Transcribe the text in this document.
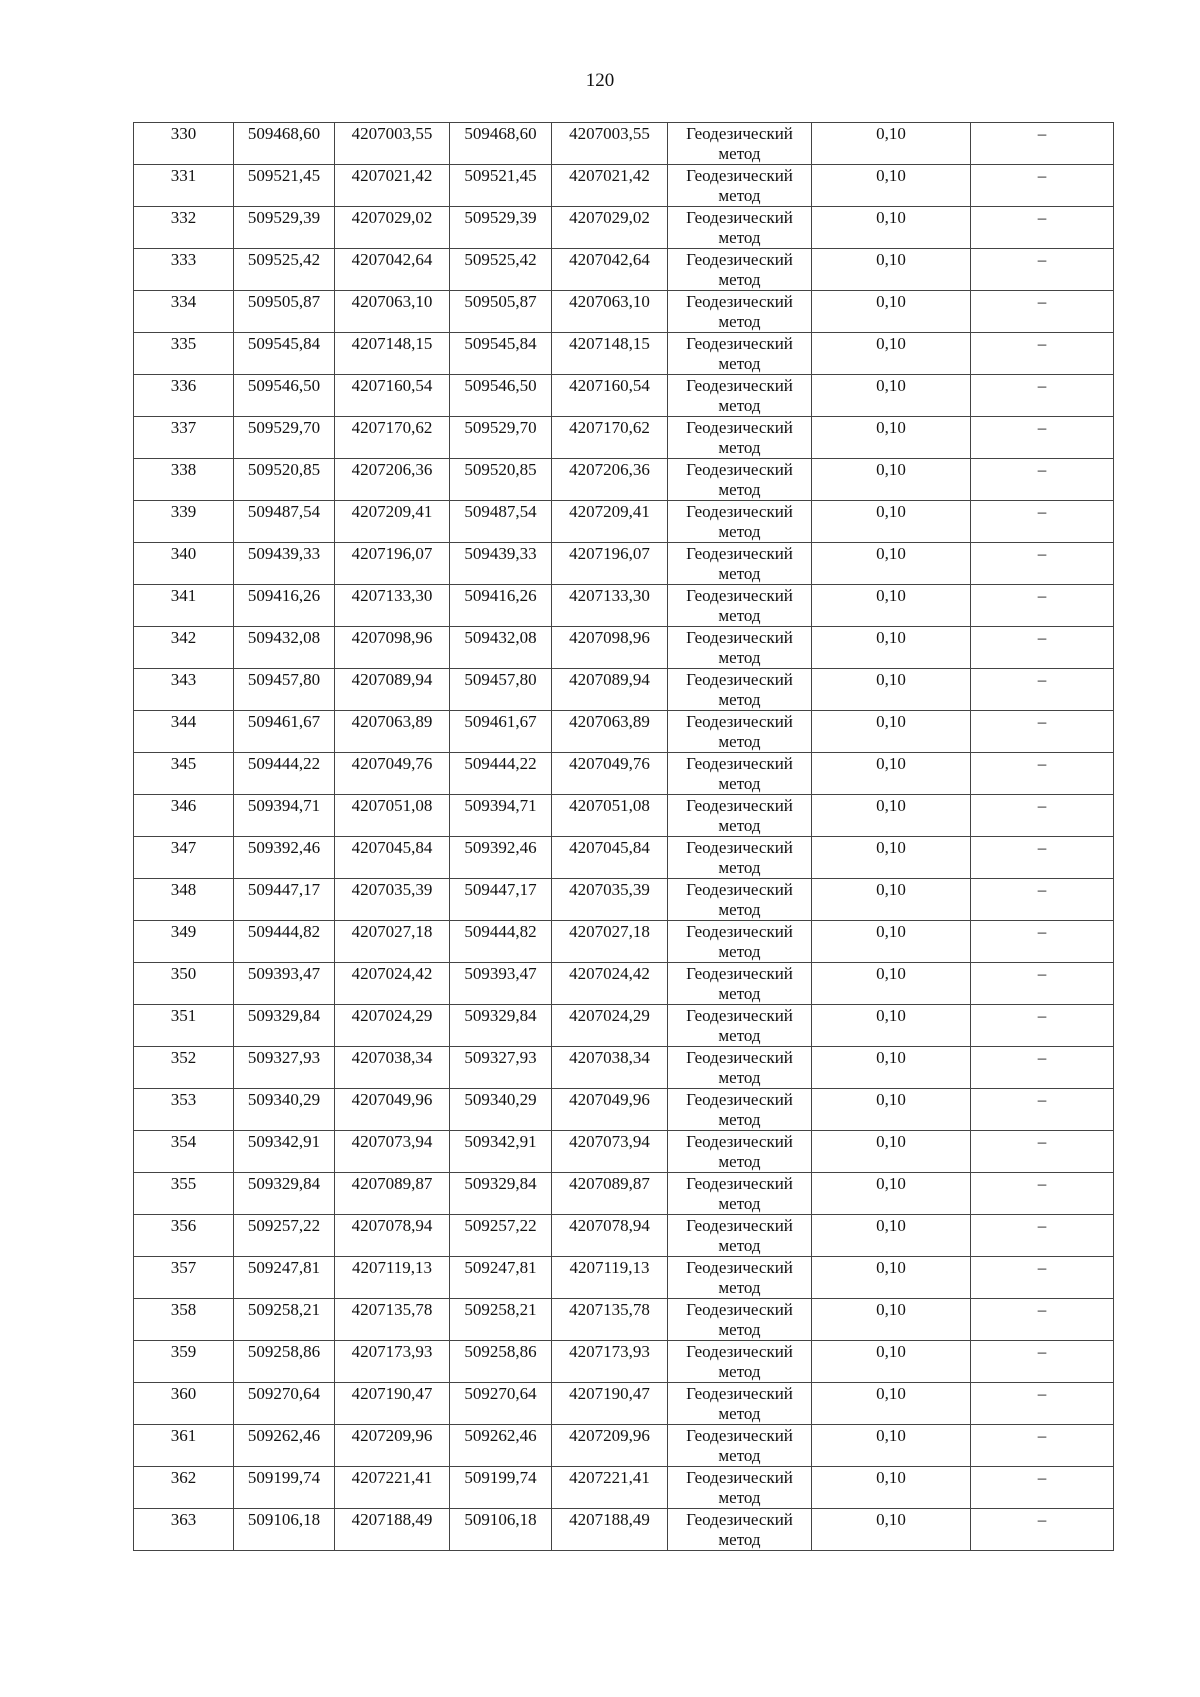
120
330	509468,60	4207003,55	509468,60	4207003,55	Геодезический метод	0,10	–
331	509521,45	4207021,42	509521,45	4207021,42	Геодезический метод	0,10	–
332	509529,39	4207029,02	509529,39	4207029,02	Геодезический метод	0,10	–
333	509525,42	4207042,64	509525,42	4207042,64	Геодезический метод	0,10	–
334	509505,87	4207063,10	509505,87	4207063,10	Геодезический метод	0,10	–
335	509545,84	4207148,15	509545,84	4207148,15	Геодезический метод	0,10	–
336	509546,50	4207160,54	509546,50	4207160,54	Геодезический метод	0,10	–
337	509529,70	4207170,62	509529,70	4207170,62	Геодезический метод	0,10	–
338	509520,85	4207206,36	509520,85	4207206,36	Геодезический метод	0,10	–
339	509487,54	4207209,41	509487,54	4207209,41	Геодезический метод	0,10	–
340	509439,33	4207196,07	509439,33	4207196,07	Геодезический метод	0,10	–
341	509416,26	4207133,30	509416,26	4207133,30	Геодезический метод	0,10	–
342	509432,08	4207098,96	509432,08	4207098,96	Геодезический метод	0,10	–
343	509457,80	4207089,94	509457,80	4207089,94	Геодезический метод	0,10	–
344	509461,67	4207063,89	509461,67	4207063,89	Геодезический метод	0,10	–
345	509444,22	4207049,76	509444,22	4207049,76	Геодезический метод	0,10	–
346	509394,71	4207051,08	509394,71	4207051,08	Геодезический метод	0,10	–
347	509392,46	4207045,84	509392,46	4207045,84	Геодезический метод	0,10	–
348	509447,17	4207035,39	509447,17	4207035,39	Геодезический метод	0,10	–
349	509444,82	4207027,18	509444,82	4207027,18	Геодезический метод	0,10	–
350	509393,47	4207024,42	509393,47	4207024,42	Геодезический метод	0,10	–
351	509329,84	4207024,29	509329,84	4207024,29	Геодезический метод	0,10	–
352	509327,93	4207038,34	509327,93	4207038,34	Геодезический метод	0,10	–
353	509340,29	4207049,96	509340,29	4207049,96	Геодезический метод	0,10	–
354	509342,91	4207073,94	509342,91	4207073,94	Геодезический метод	0,10	–
355	509329,84	4207089,87	509329,84	4207089,87	Геодезический метод	0,10	–
356	509257,22	4207078,94	509257,22	4207078,94	Геодезический метод	0,10	–
357	509247,81	4207119,13	509247,81	4207119,13	Геодезический метод	0,10	–
358	509258,21	4207135,78	509258,21	4207135,78	Геодезический метод	0,10	–
359	509258,86	4207173,93	509258,86	4207173,93	Геодезический метод	0,10	–
360	509270,64	4207190,47	509270,64	4207190,47	Геодезический метод	0,10	–
361	509262,46	4207209,96	509262,46	4207209,96	Геодезический метод	0,10	–
362	509199,74	4207221,41	509199,74	4207221,41	Геодезический метод	0,10	–
363	509106,18	4207188,49	509106,18	4207188,49	Геодезический метод	0,10	–
